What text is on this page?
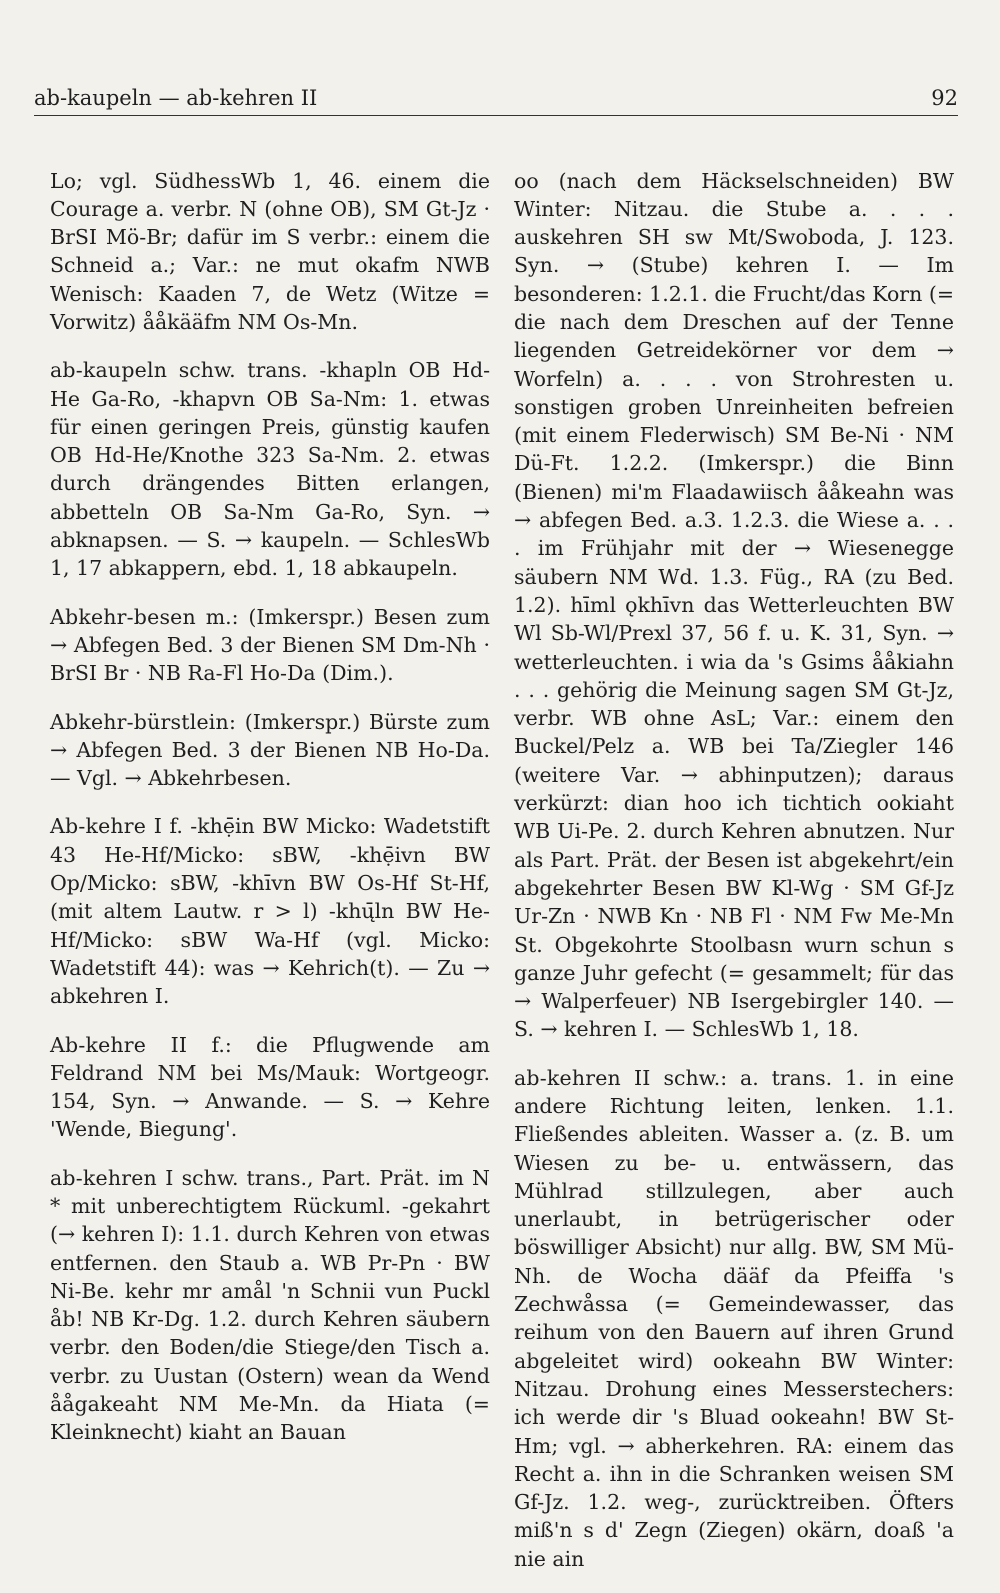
ab-kaupeln — ab-kehren II	92

Lo; vgl. SüdhessWb 1, 46. einem die Courage a. verbr. N (ohne OB), SM Gt-Jz · BrSI Mö-Br; dafür im S verbr.: einem die Schneid a.; Var.: ne mut okafm NWB Wenisch: Kaaden 7, de Wetz (Witze = Vorwitz) ååkääfm NM Os-Mn.

ab-kaupeln schw. trans. -khapln OB Hd-He Ga-Ro, -khapvn OB Sa-Nm: 1. etwas für einen geringen Preis, günstig kaufen OB Hd-He/Knothe 323 Sa-Nm. 2. etwas durch drängendes Bitten erlangen, abbetteln OB Sa-Nm Ga-Ro, Syn. → abknapsen. — S. → kaupeln. — SchlesWb 1, 17 abkappern, ebd. 1, 18 abkaupeln.

Abkehr-besen m.: (Imkerspr.) Besen zum → Abfegen Bed. 3 der Bienen SM Dm-Nh · BrSI Br · NB Ra-Fl Ho-Da (Dim.).

Abkehr-bürstlein: (Imkerspr.) Bürste zum → Abfegen Bed. 3 der Bienen NB Ho-Da. — Vgl. → Abkehrbesen.

Ab-kehre I f. -khẹ̄in BW Micko: Wadetstift 43 He-Hf/Micko: sBW, -khẹ̄ivn BW Op/Micko: sBW, -khīvn BW Os-Hf St-Hf, (mit altem Lautw. r > l) -khų̄ln BW He-Hf/Micko: sBW Wa-Hf (vgl. Micko: Wadetstift 44): was → Kehrich(t). — Zu → abkehren I.

Ab-kehre II f.: die Pflugwende am Feldrand NM bei Ms/Mauk: Wortgeogr. 154, Syn. → Anwande. — S. → Kehre 'Wende, Biegung'.

ab-kehren I schw. trans., Part. Prät. im N * mit unberechtigtem Rückuml. -gekahrt (→ kehren I): 1.1. durch Kehren von etwas entfernen. den Staub a. WB Pr-Pn · BW Ni-Be. kehr mr amål 'n Schnii vun Puckl åb! NB Kr-Dg. 1.2. durch Kehren säubern verbr. den Boden/die Stiege/den Tisch a. verbr. zu Uustan (Ostern) wean da Wend åågakeaht NM Me-Mn. da Hiata (= Kleinknecht) kiaht an Bauan

oo (nach dem Häckselschneiden) BW Winter: Nitzau. die Stube a. . . . auskehren SH sw Mt/Swoboda, J. 123. Syn. → (Stube) kehren I. — Im besonderen: 1.2.1. die Frucht/das Korn (= die nach dem Dreschen auf der Tenne liegenden Getreidekörner vor dem → Worfeln) a. . . . von Strohresten u. sonstigen groben Unreinheiten befreien (mit einem Flederwisch) SM Be-Ni · NM Dü-Ft. 1.2.2. (Imkerspr.) die Binn (Bienen) mi'm Flaadawiisch ååkeahn was → abfegen Bed. a.3. 1.2.3. die Wiese a. . . . im Frühjahr mit der → Wiesenegge säubern NM Wd. 1.3. Füg., RA (zu Bed. 1.2). hīml ǫkhīvn das Wetterleuchten BW Wl Sb-Wl/Prexl 37, 56 f. u. K. 31, Syn. → wetterleuchten. i wia da 's Gsims ååkiahn . . . gehörig die Meinung sagen SM Gt-Jz, verbr. WB ohne AsL; Var.: einem den Buckel/Pelz a. WB bei Ta/Ziegler 146 (weitere Var. → abhinputzen); daraus verkürzt: dian hoo ich tichtich ookiaht WB Ui-Pe. 2. durch Kehren abnutzen. Nur als Part. Prät. der Besen ist abgekehrt/ein abgekehrter Besen BW Kl-Wg · SM Gf-Jz Ur-Zn · NWB Kn · NB Fl · NM Fw Me-Mn St. Obgekohrte Stoolbasn wurn schun s ganze Juhr gefecht (= gesammelt; für das → Walperfeuer) NB Isergebirgler 140. — S. → kehren I. — SchlesWb 1, 18.

ab-kehren II schw.: a. trans. 1. in eine andere Richtung leiten, lenken. 1.1. Fließendes ableiten. Wasser a. (z. B. um Wiesen zu be- u. entwässern, das Mühlrad stillzulegen, aber auch unerlaubt, in betrügerischer oder böswilliger Absicht) nur allg. BW, SM Mü-Nh. de Wocha dääf da Pfeiffa 's Zechwåssa (= Gemeindewasser, das reihum von den Bauern auf ihren Grund abgeleitet wird) ookeahn BW Winter: Nitzau. Drohung eines Messerstechers: ich werde dir 's Bluad ookeahn! BW St-Hm; vgl. → abherkehren. RA: einem das Recht a. ihn in die Schranken weisen SM Gf-Jz. 1.2. weg-, zurücktreiben. Öfters miß'n s d' Zegn (Ziegen) okärn, doaß 'a nie ain
